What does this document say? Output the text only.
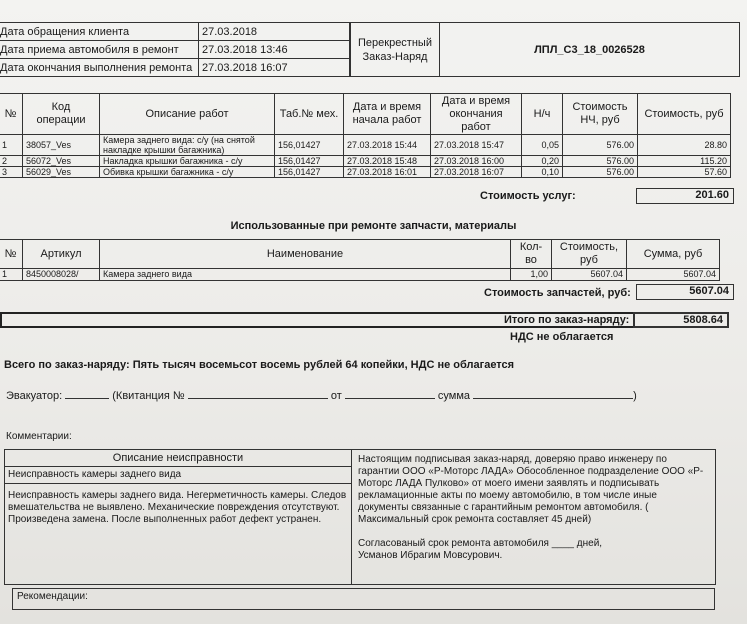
Дата обращения клиента	27.03.2018
Дата приема автомобиля в ремонт	27.03.2018 13:46
Дата окончания выполнения ремонта	27.03.2018 16:07
Перекрестный Заказ-Наряд
ЛПЛ_С3_18_0026528
№	Код операции	Описание работ	Таб.№ мех.	Дата и время начала работ	Дата и время окончания работ	Н/ч	Стоимость НЧ, руб	Стоимость, руб
1	38057_Ves	Камера заднего вида: с/у (на снятой накладке крышки багажника)	156,01427	27.03.2018 15:44	27.03.2018 15:47	0,05	576.00	28.80
2	56072_Ves	Накладка крышки багажника - с/у	156,01427	27.03.2018 15:48	27.03.2018 16:00	0,20	576.00	115.20
3	56029_Ves	Обивка крышки багажника - с/у	156,01427	27.03.2018 16:01	27.03.2018 16:07	0,10	576.00	57.60
Стоимость услуг:	201.60
Использованные при ремонте запчасти, материалы
№	Артикул	Наименование	Кол-во	Стоимость, руб	Сумма, руб
1	8450008028/	Камера заднего вида	1,00	5607.04	5607.04
Стоимость запчастей, руб:	5607.04
Итого по заказ-наряду:	5808.64
НДС не облагается
Всего по заказ-наряду: Пять тысяч восемьсот восемь рублей 64 копейки, НДС не облагается
Эвакуатор:	(Квитанция №	от	сумма	)
Комментарии:
Описание неисправности
Неисправность камеры заднего вида
Неисправность камеры заднего вида. Негерметичность камеры. Следов вмешательства не выявлено. Механические повреждения отсутствуют. Произведена замена. После выполненных работ дефект устранен.
Настоящим подписывая заказ-наряд, доверяю право инженеру по гарантии ООО «Р-Моторс ЛАДА» Обособленное подразделение ООО «Р-Моторс ЛАДА Пулково» от моего имени заявлять и подписывать рекламационные акты по моему автомобилю, в том числе иные документы связанные с гарантийным ремонтом автомобиля. ( Максимальный срок ремонта составляет 45 дней)
Согласованый срок ремонта автомобиля ____ дней,
Усманов Ибрагим Мовсурович.
Рекомендации:
